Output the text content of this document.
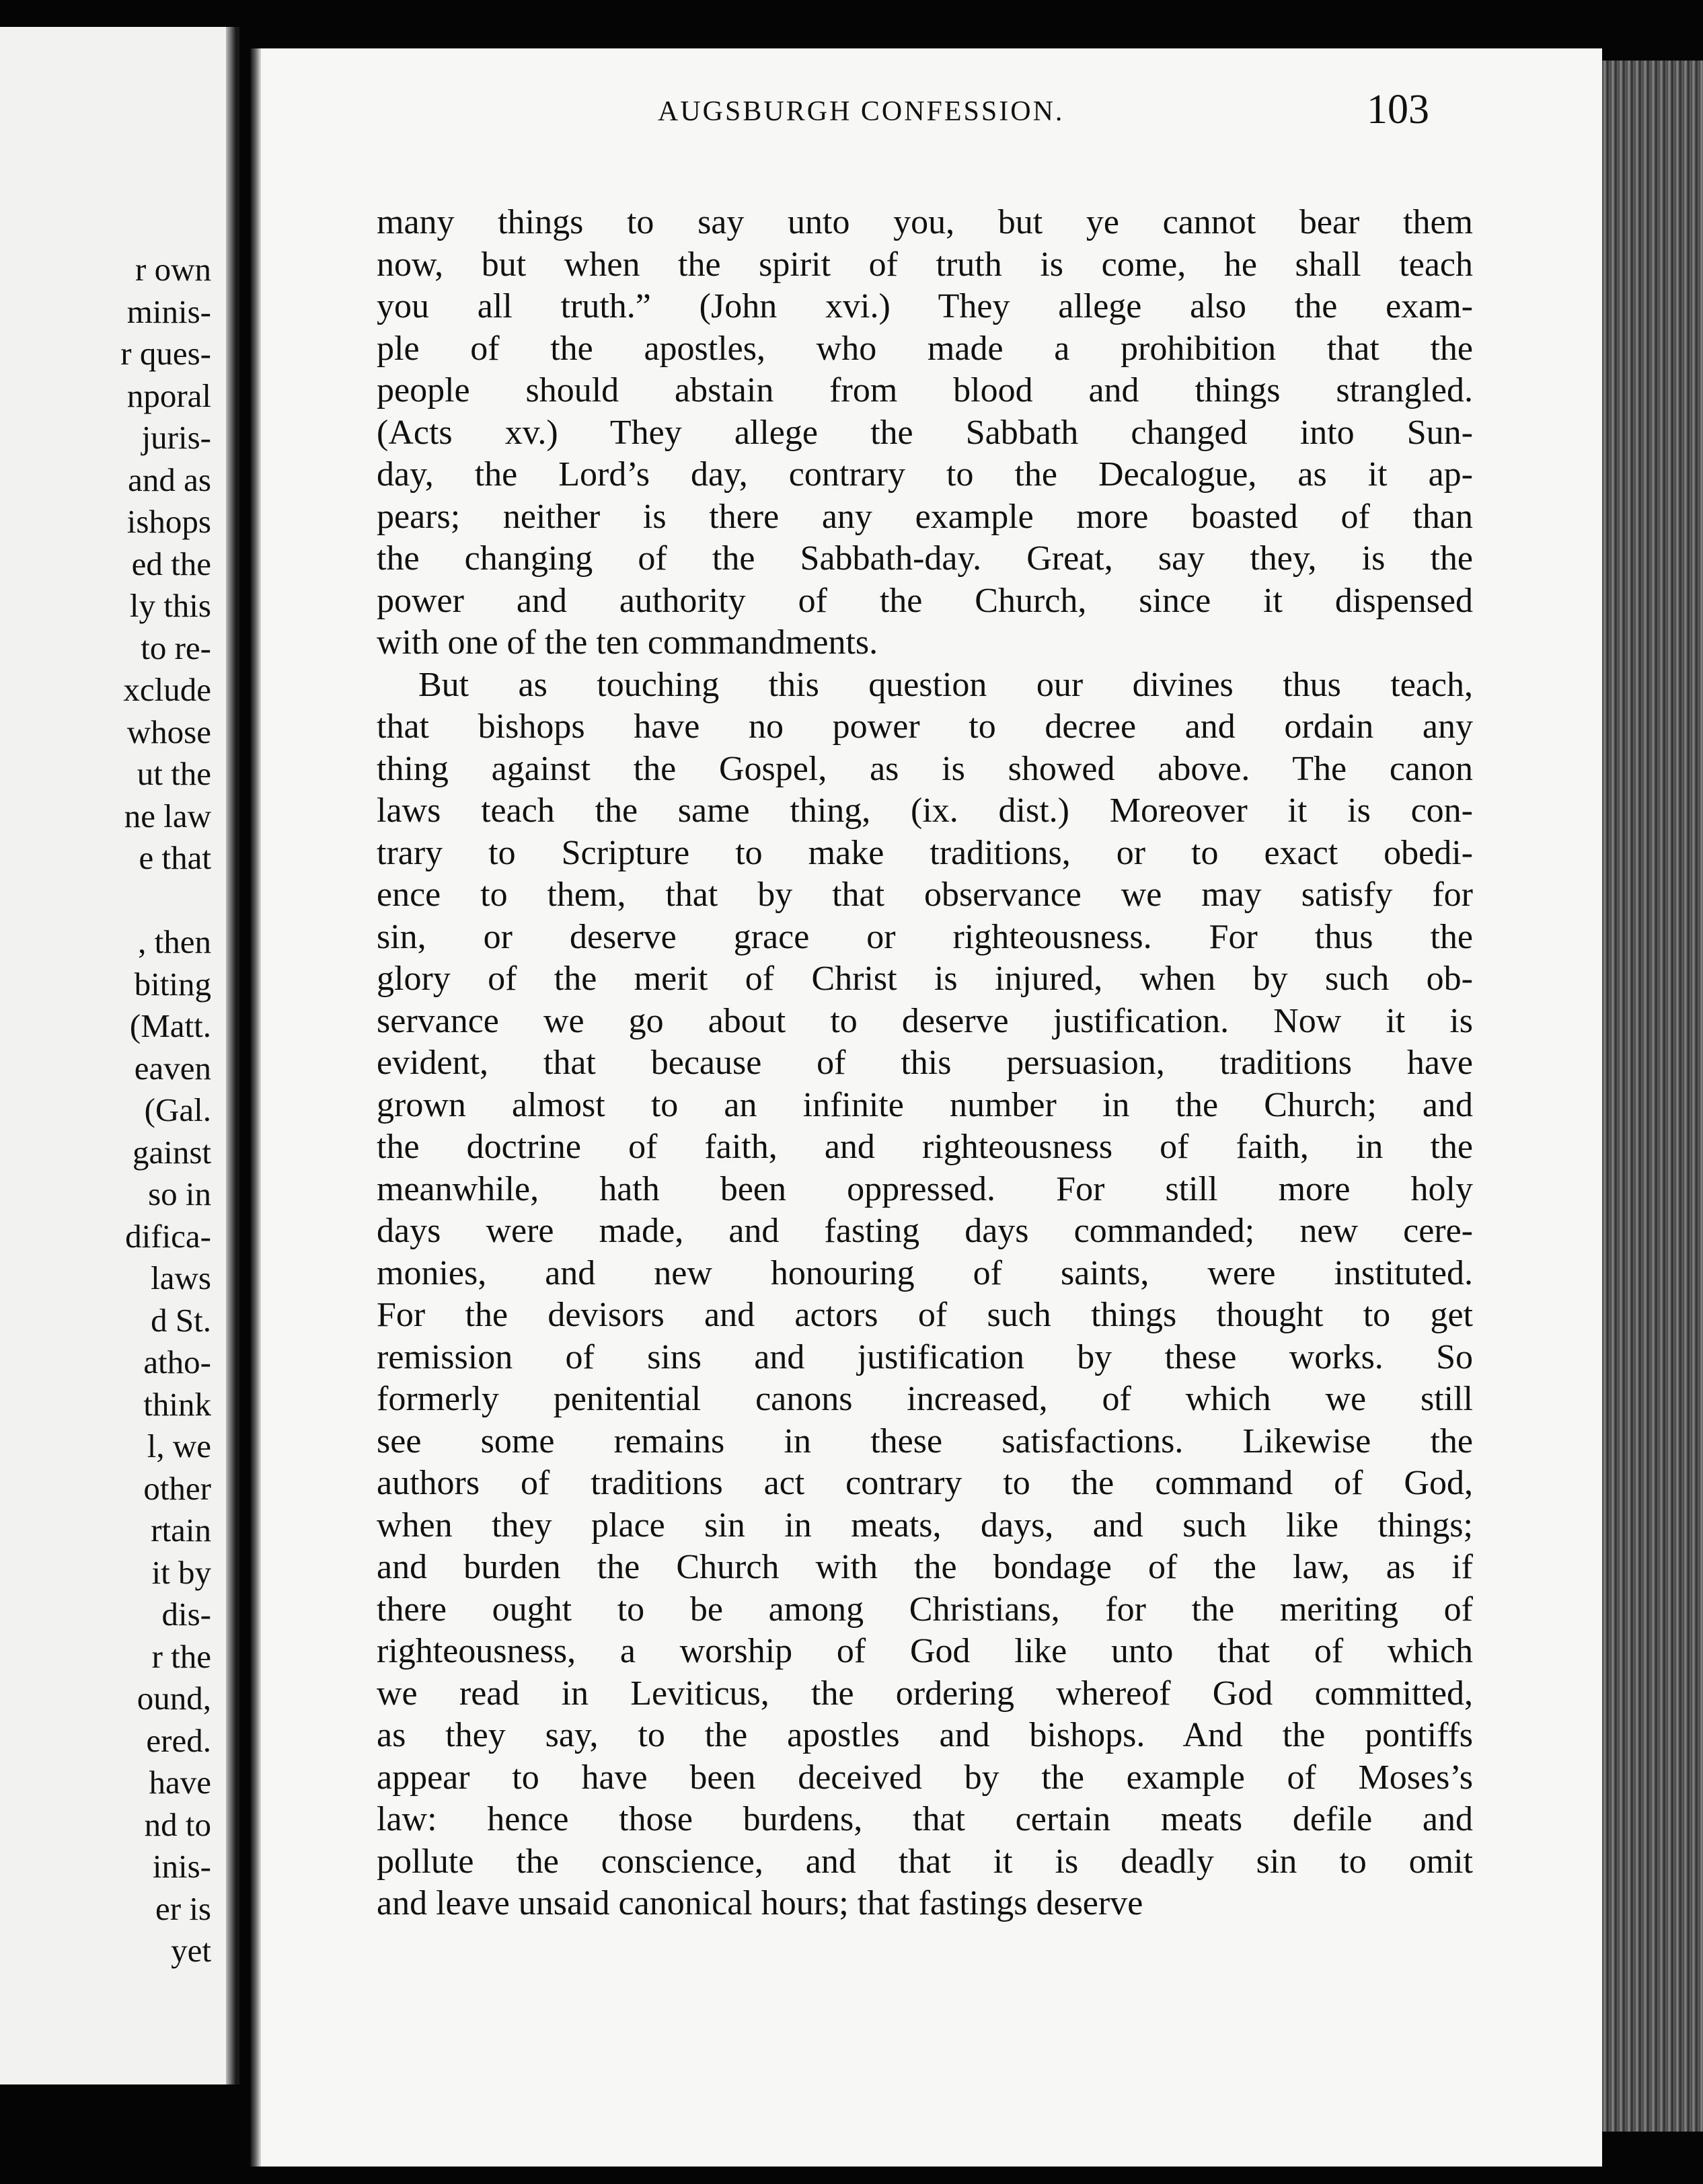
r own
minis-
r ques-
nporal
juris-
and as
ishops
ed the
ly this
to re-
xclude
whose
ut the
ne law
e that
, then
biting
(Matt.
eaven
(Gal.
gainst
so in
dificа-
laws
d St.
atho-
think
l, we
other
rtain
it by
dis-
r the
ound,
ered.
have
nd to
inis-
er is
yet
AUGSBURGH CONFESSION.	103
many things to say unto you, but ye cannot bear them
now, but when the spirit of truth is come, he shall teach
you all truth.” (John xvi.) They allege also the exam-
ple of the apostles, who made a prohibition that the
people should abstain from blood and things strangled.
(Acts xv.) They allege the Sabbath changed into Sun-
day, the Lord’s day, contrary to the Decalogue, as it ap-
pears; neither is there any example more boasted of than
the changing of the Sabbath-day. Great, say they, is the
power and authority of the Church, since it dispensed
with one of the ten commandments.
But as touching this question our divines thus teach,
that bishops have no power to decree and ordain any
thing against the Gospel, as is showed above. The canon
laws teach the same thing, (ix. dist.) Moreover it is con-
trary to Scripture to make traditions, or to exact obedi-
ence to them, that by that observance we may satisfy for
sin, or deserve grace or righteousness. For thus the
glory of the merit of Christ is injured, when by such ob-
servance we go about to deserve justification. Now it is
evident, that because of this persuasion, traditions have
grown almost to an infinite number in the Church; and
the doctrine of faith, and righteousness of faith, in the
meanwhile, hath been oppressed. For still more holy
days were made, and fasting days commanded; new cere-
monies, and new honouring of saints, were instituted.
For the devisors and actors of such things thought to get
remission of sins and justification by these works. So
formerly penitential canons increased, of which we still
see some remains in these satisfactions. Likewise the
authors of traditions act contrary to the command of God,
when they place sin in meats, days, and such like things;
and burden the Church with the bondage of the law, as if
there ought to be among Christians, for the meriting of
righteousness, a worship of God like unto that of which
we read in Leviticus, the ordering whereof God committed,
as they say, to the apostles and bishops. And the pontiffs
appear to have been deceived by the example of Moses’s
law: hence those burdens, that certain meats defile and
pollute the conscience, and that it is deadly sin to omit
and leave unsaid canonical hours; that fastings deserve
